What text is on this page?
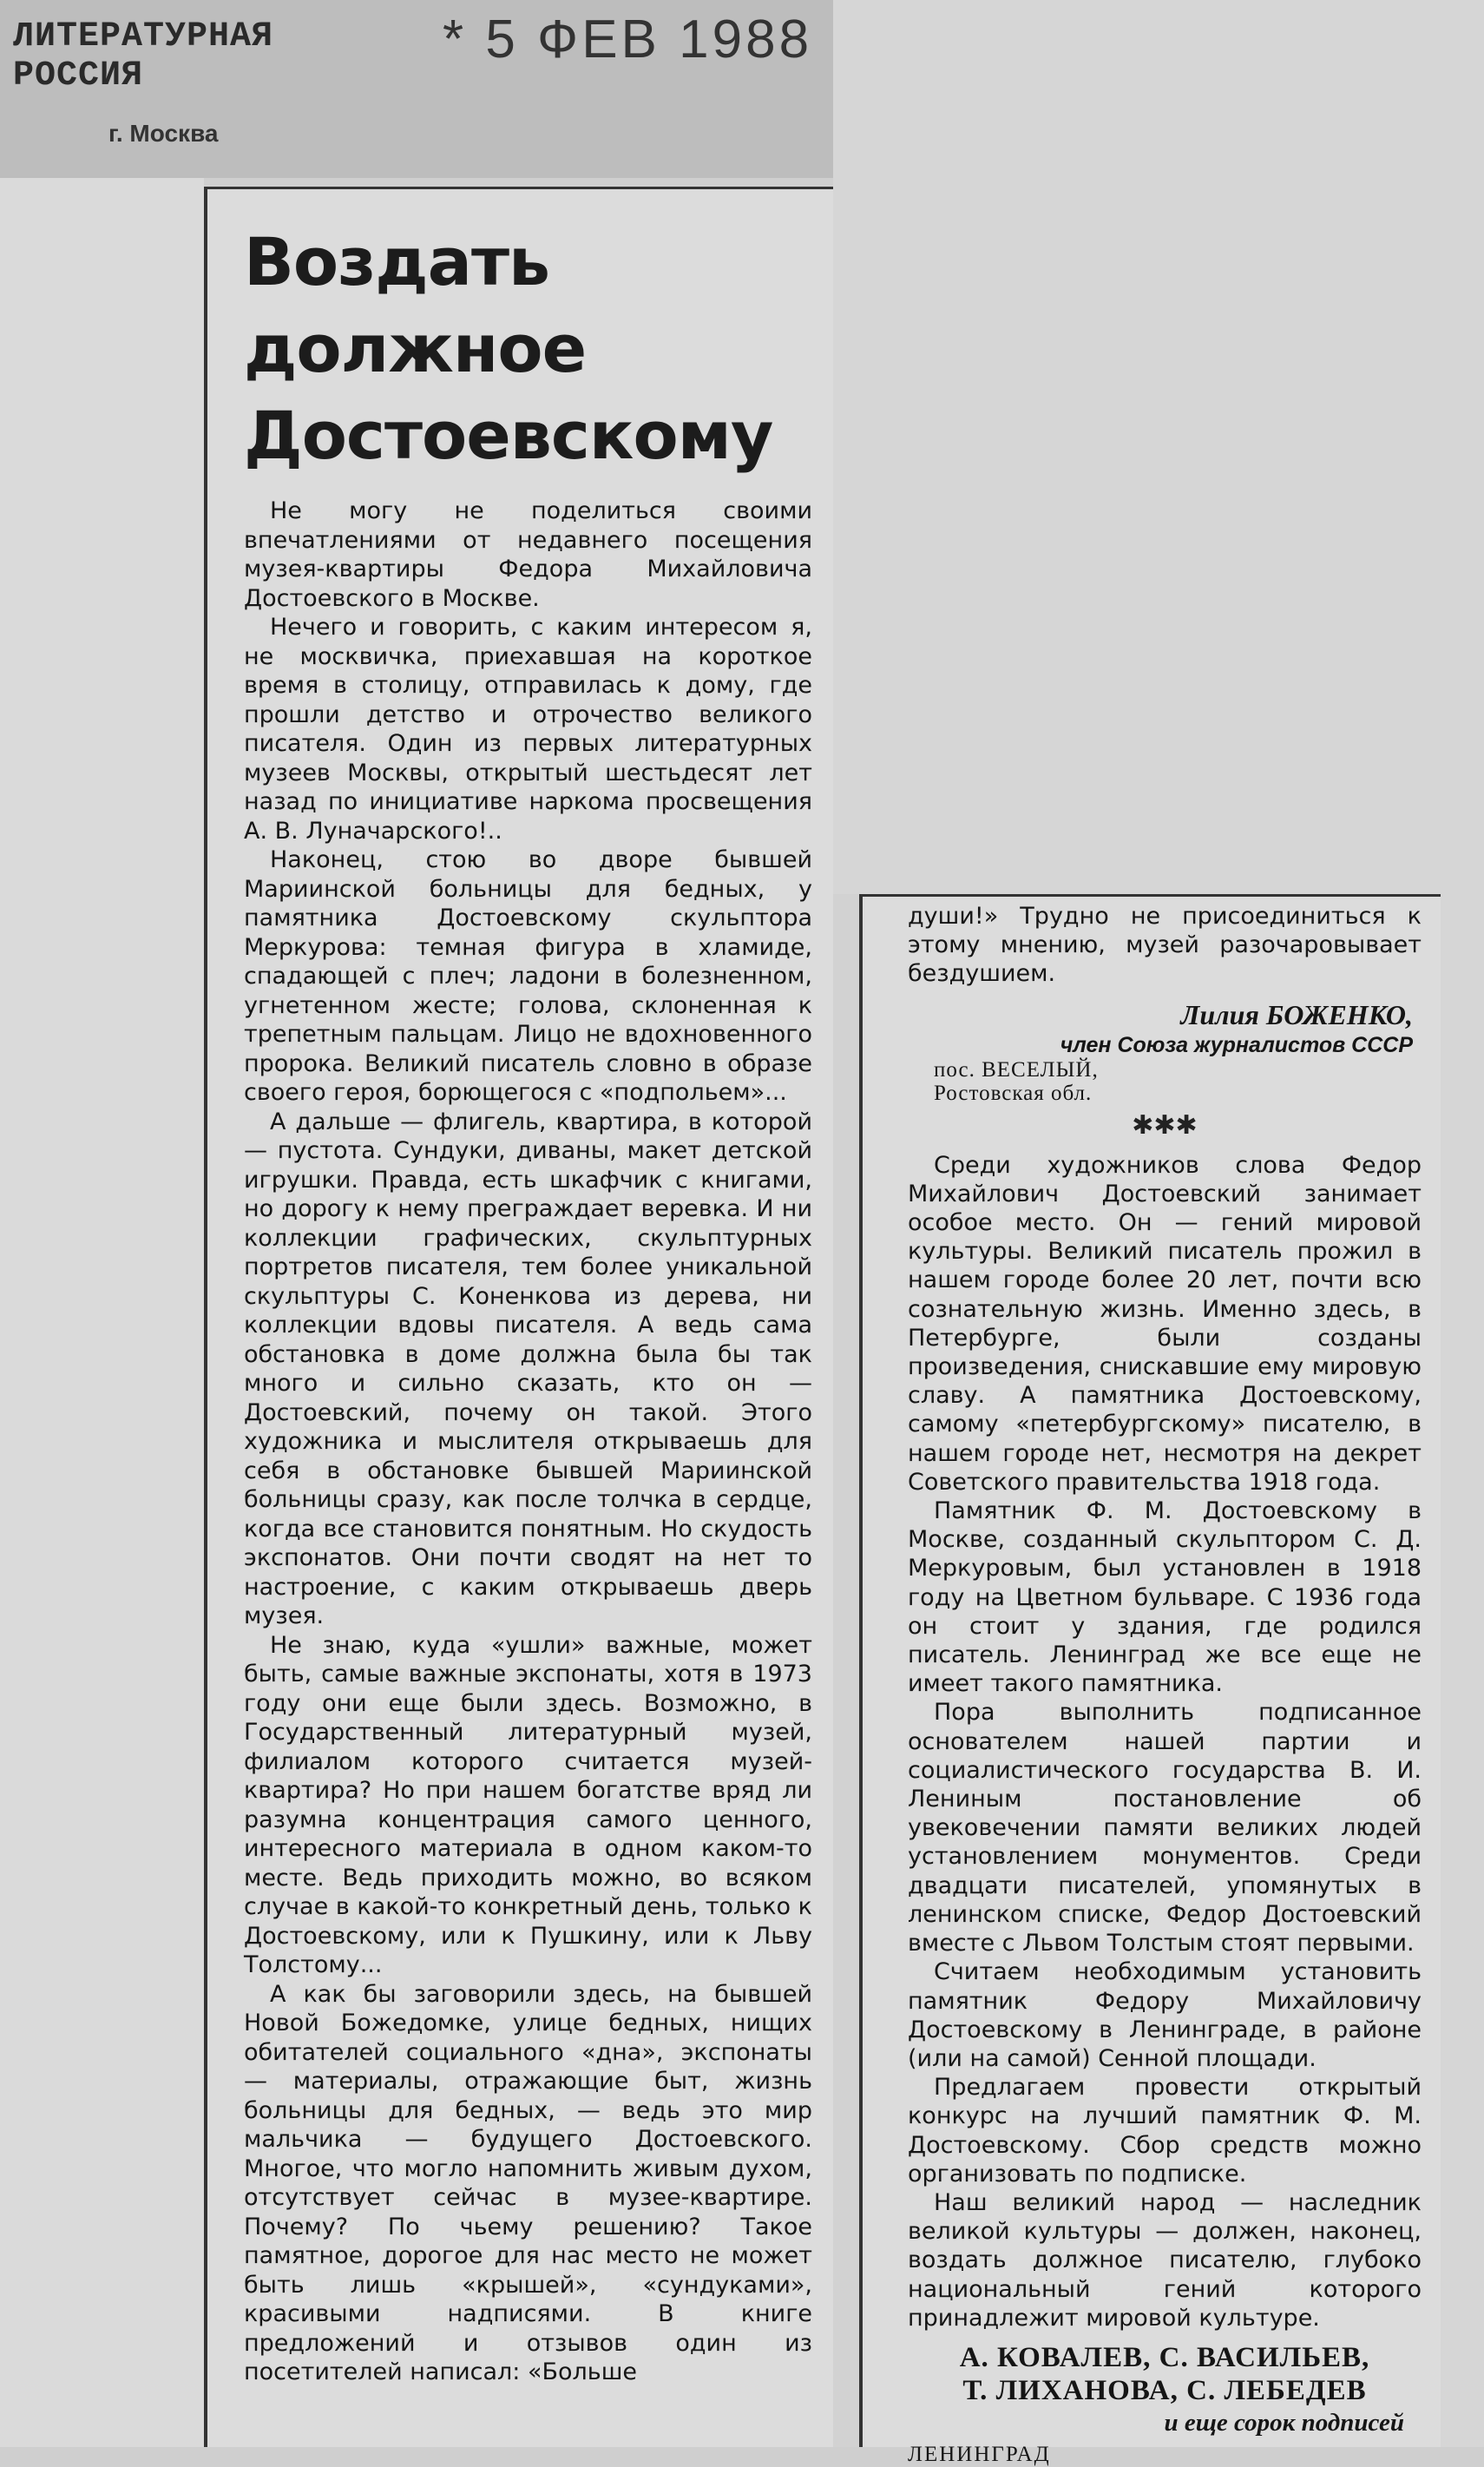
ЛИТЕРАТУРНАЯ РОССИЯ
г. Москва
* 5 ФЕВ 1988
Воздать
должное
Достоевскому

Не могу не поделиться своими впечатлениями от недавнего посещения музея-квартиры Федора Михайловича Достоевского в Москве.

Нечего и говорить, с каким интересом я, не москвичка, приехавшая на короткое время в столицу, отправилась к дому, где прошли детство и отрочество великого писателя. Один из первых литературных музеев Москвы, открытый шестьдесят лет назад по инициативе наркома просвещения А. В. Луначарского!..

Наконец, стою во дворе бывшей Мариинской больницы для бедных, у памятника Достоевскому скульптора Меркурова: темная фигура в хламиде, спадающей с плеч; ладони в болезненном, угнетенном жесте; голова, склоненная к трепетным пальцам. Лицо не вдохновенного пророка. Великий писатель словно в образе своего героя, борющегося с «подпольем»...

А дальше — флигель, квартира, в которой — пустота. Сундуки, диваны, макет детской игрушки. Правда, есть шкафчик с книгами, но дорогу к нему преграждает веревка. И ни коллекции графических, скульптурных портретов писателя, тем более уникальной скульптуры С. Коненкова из дерева, ни коллекции вдовы писателя. А ведь сама обстановка в доме должна была бы так много и сильно сказать, кто он — Достоевский, почему он такой. Этого художника и мыслителя открываешь для себя в обстановке бывшей Мариинской больницы сразу, как после толчка в сердце, когда все становится понятным. Но скудость экспонатов. Они почти сводят на нет то настроение, с каким открываешь дверь музея.

Не знаю, куда «ушли» важные, может быть, самые важные экспонаты, хотя в 1973 году они еще были здесь. Возможно, в Государственный литературный музей, филиалом которого считается музей-квартира? Но при нашем богатстве вряд ли разумна концентрация самого ценного, интересного материала в одном каком-то месте. Ведь приходить можно, во всяком случае в какой-то конкретный день, только к Достоевскому, или к Пушкину, или к Льву Толстому...

А как бы заговорили здесь, на бывшей Новой Божедомке, улице бедных, нищих обитателей социального «дна», экспонаты — материалы, отражающие быт, жизнь больницы для бедных, — ведь это мир мальчика — будущего Достоевского. Многое, что могло напомнить живым духом, отсутствует сейчас в музее-квартире. Почему? По чьему решению? Такое памятное, дорогое для нас место не может быть лишь «крышей», «сундуками», красивыми надписями. В книге предложений и отзывов один из посетителей написал: «Больше

души!» Трудно не присоединиться к этому мнению, музей разочаровывает бездушием.

Лилия БОЖЕНКО,
член Союза журналистов СССР
пос. ВЕСЕЛЫЙ,
Ростовская обл.
✱✱✱

Среди художников слова Федор Михайлович Достоевский занимает особое место. Он — гений мировой культуры. Великий писатель прожил в нашем городе более 20 лет, почти всю сознательную жизнь. Именно здесь, в Петербурге, были созданы произведения, снискавшие ему мировую славу. А памятника Достоевскому, самому «петербургскому» писателю, в нашем городе нет, несмотря на декрет Советского правительства 1918 года.

Памятник Ф. М. Достоевскому в Москве, созданный скульптором С. Д. Меркуровым, был установлен в 1918 году на Цветном бульваре. С 1936 года он стоит у здания, где родился писатель. Ленинград же все еще не имеет такого памятника.

Пора выполнить подписанное основателем нашей партии и социалистического государства В. И. Лениным постановление об увековечении памяти великих людей установлением монументов. Среди двадцати писателей, упомянутых в ленинском списке, Федор Достоевский вместе с Львом Толстым стоят первыми.

Считаем необходимым установить памятник Федору Михайловичу Достоевскому в Ленинграде, в районе (или на самой) Сенной площади.

Предлагаем провести открытый конкурс на лучший памятник Ф. М. Достоевскому. Сбор средств можно организовать по подписке.

Наш великий народ — наследник великой культуры — должен, наконец, воздать должное писателю, глубоко национальный гений которого принадлежит мировой культуре.

А. КОВАЛЕВ, С. ВАСИЛЬЕВ,
Т. ЛИХАНОВА, С. ЛЕБЕДЕВ
и еще сорок подписей
ЛЕНИНГРАД
